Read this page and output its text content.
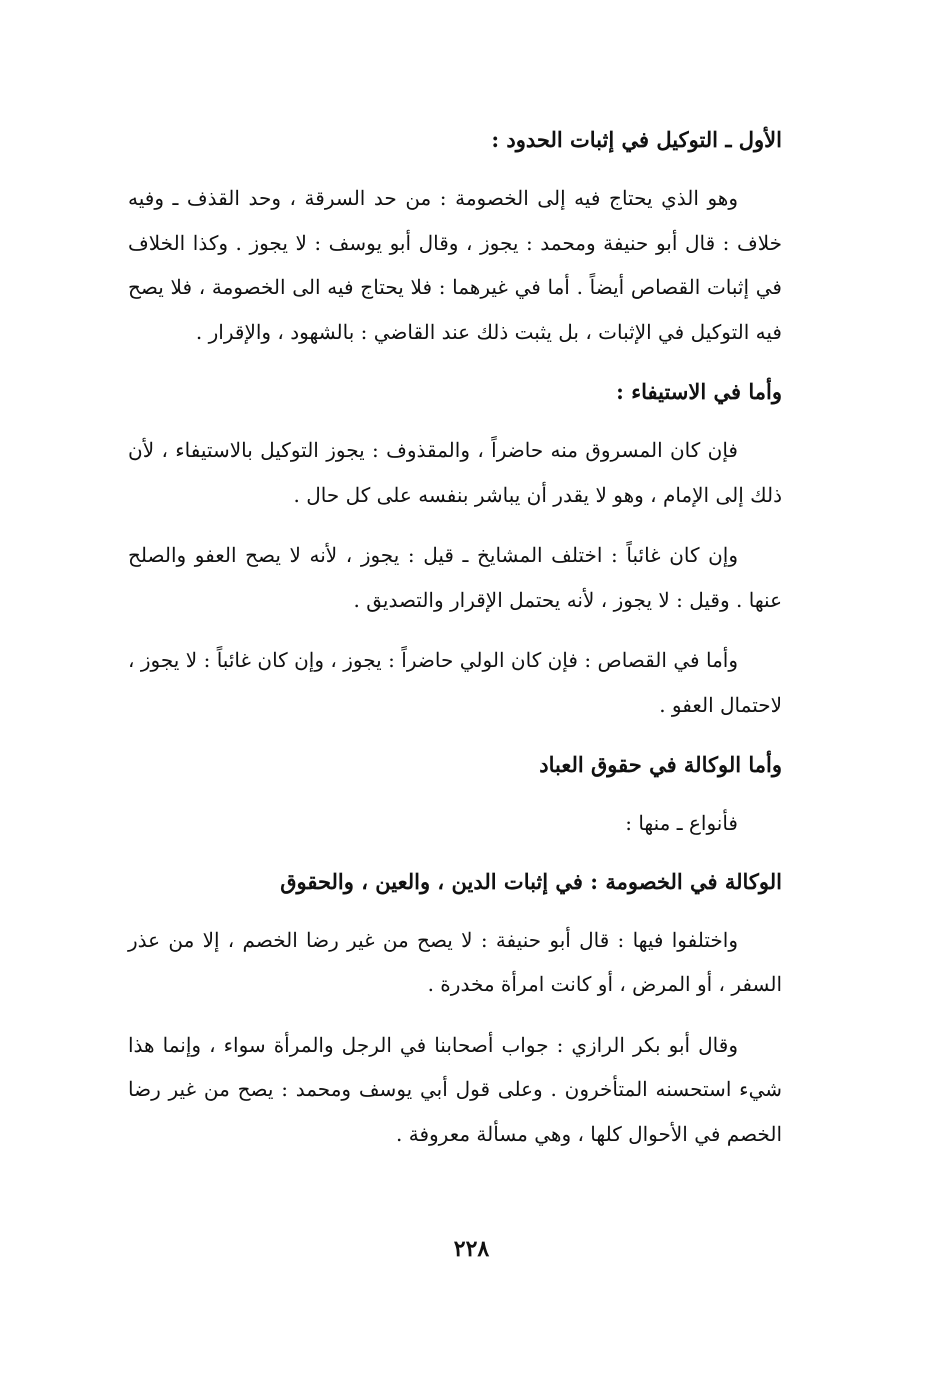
الأول ـ التوكيل في إثبات الحدود :

وهو الذي يحتاج فيه إلى الخصومة : من حد السرقة ، وحد القذف ـ وفيه خلاف : قال أبو حنيفة ومحمد : يجوز ، وقال أبو يوسف : لا يجوز . وكذا الخلاف في إثبات القصاص أيضاً . أما في غيرهما : فلا يحتاج فيه الى الخصومة ، فلا يصح فيه التوكيل في الإثبات ، بل يثبت ذلك عند القاضي : بالشهود ، والإقرار .

وأما في الاستيفاء :

فإن كان المسروق منه حاضراً ، والمقذوف : يجوز التوكيل بالاستيفاء ، لأن ذلك إلى الإمام ، وهو لا يقدر أن يباشر بنفسه على كل حال .

وإن كان غائباً : اختلف المشايخ ـ قيل : يجوز ، لأنه لا يصح العفو والصلح عنها . وقيل : لا يجوز ، لأنه يحتمل الإقرار والتصديق .

وأما في القصاص : فإن كان الولي حاضراً : يجوز ، وإن كان غائباً : لا يجوز ، لاحتمال العفو .

وأما الوكالة في حقوق العباد

فأنواع ـ منها :

الوكالة في الخصومة : في إثبات الدين ، والعين ، والحقوق

واختلفوا فيها : قال أبو حنيفة : لا يصح من غير رضا الخصم ، إلا من عذر السفر ، أو المرض ، أو كانت امرأة مخدرة .

وقال أبو بكر الرازي : جواب أصحابنا في الرجل والمرأة سواء ، وإنما هذا شيء استحسنه المتأخرون . وعلى قول أبي يوسف ومحمد : يصح من غير رضا الخصم في الأحوال كلها ، وهي مسألة معروفة .

٢٢٨
